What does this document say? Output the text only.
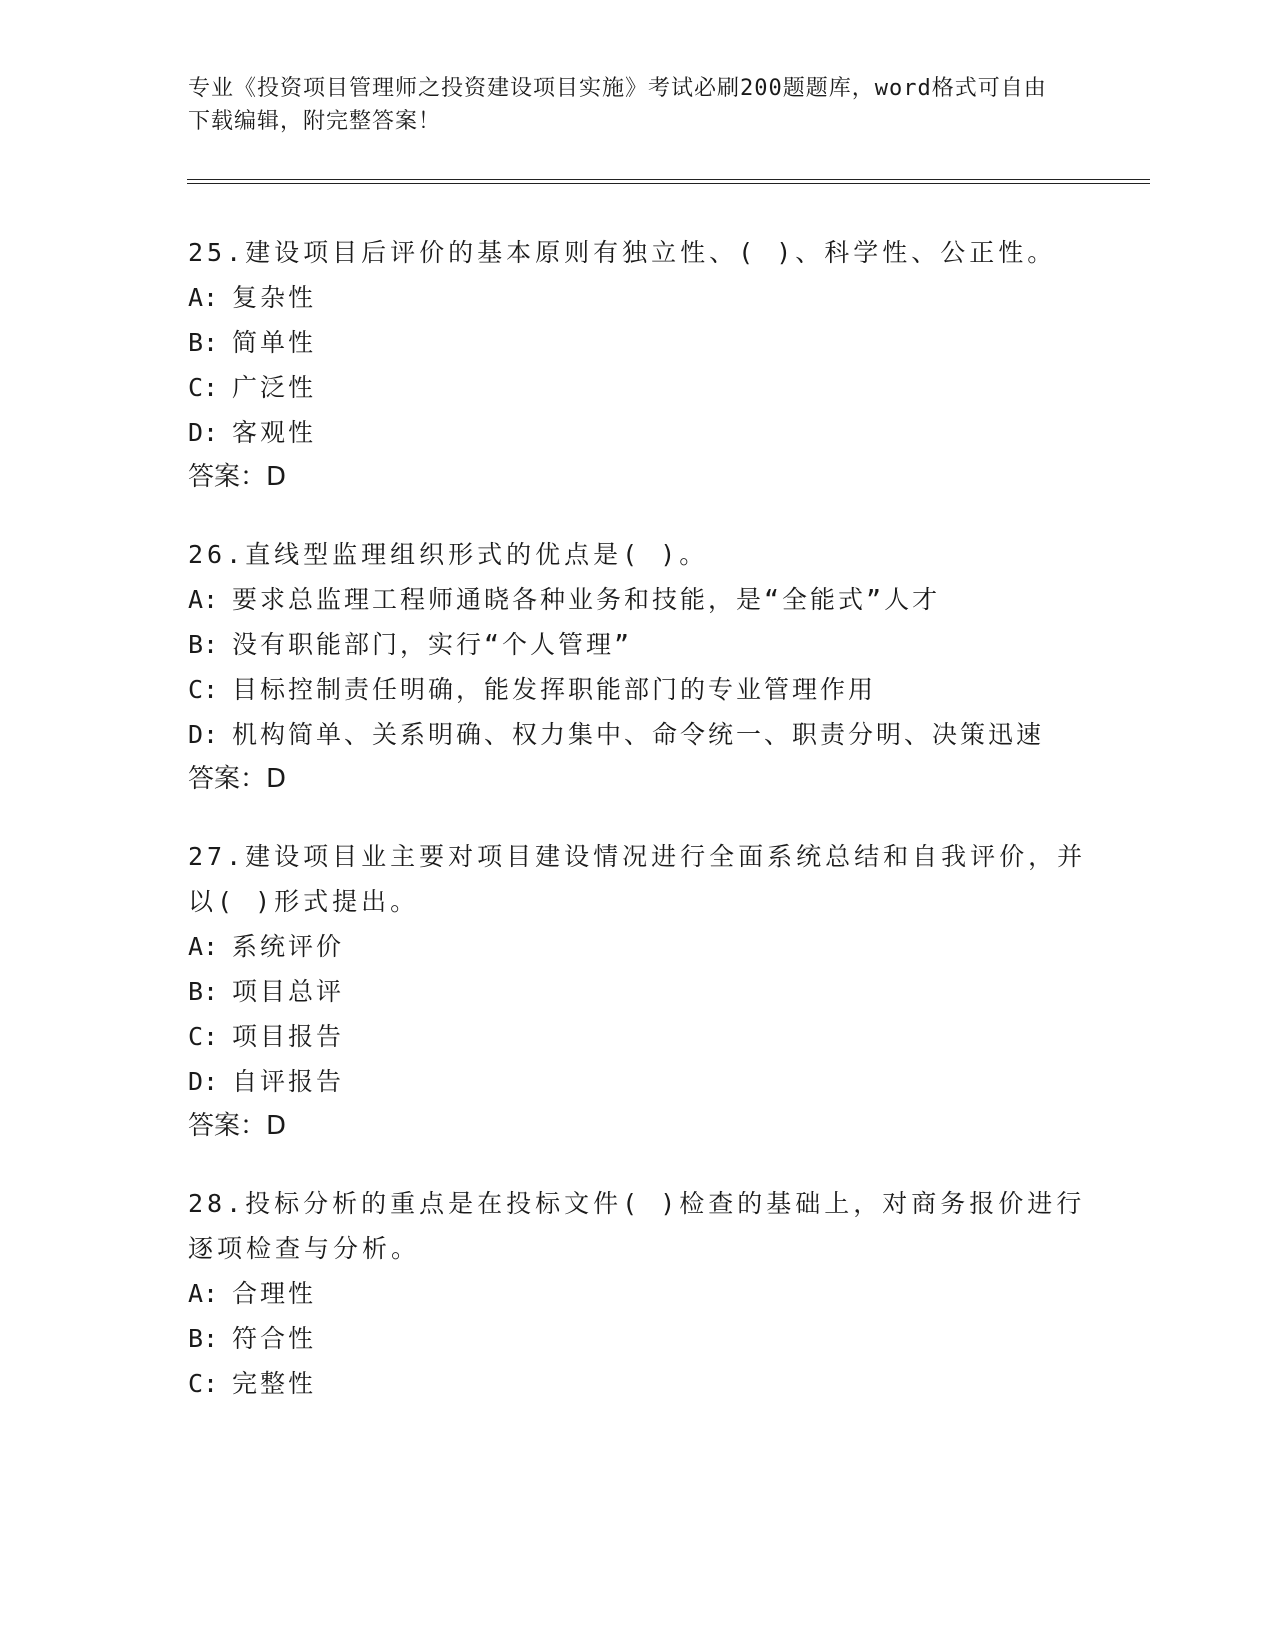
专业《投资项目管理师之投资建设项目实施》考试必刷200题题库，word格式可自由下载编辑，附完整答案！
25.建设项目后评价的基本原则有独立性、( )、科学性、公正性。
A: 复杂性
B: 简单性
C: 广泛性
D: 客观性
答案：D
26.直线型监理组织形式的优点是( )。
A: 要求总监理工程师通晓各种业务和技能，是“全能式”人才
B: 没有职能部门，实行“个人管理”
C: 目标控制责任明确，能发挥职能部门的专业管理作用
D: 机构简单、关系明确、权力集中、命令统一、职责分明、决策迅速
答案：D
27.建设项目业主要对项目建设情况进行全面系统总结和自我评价，并以( )形式提出。
A: 系统评价
B: 项目总评
C: 项目报告
D: 自评报告
答案：D
28.投标分析的重点是在投标文件( )检查的基础上，对商务报价进行逐项检查与分析。
A: 合理性
B: 符合性
C: 完整性
